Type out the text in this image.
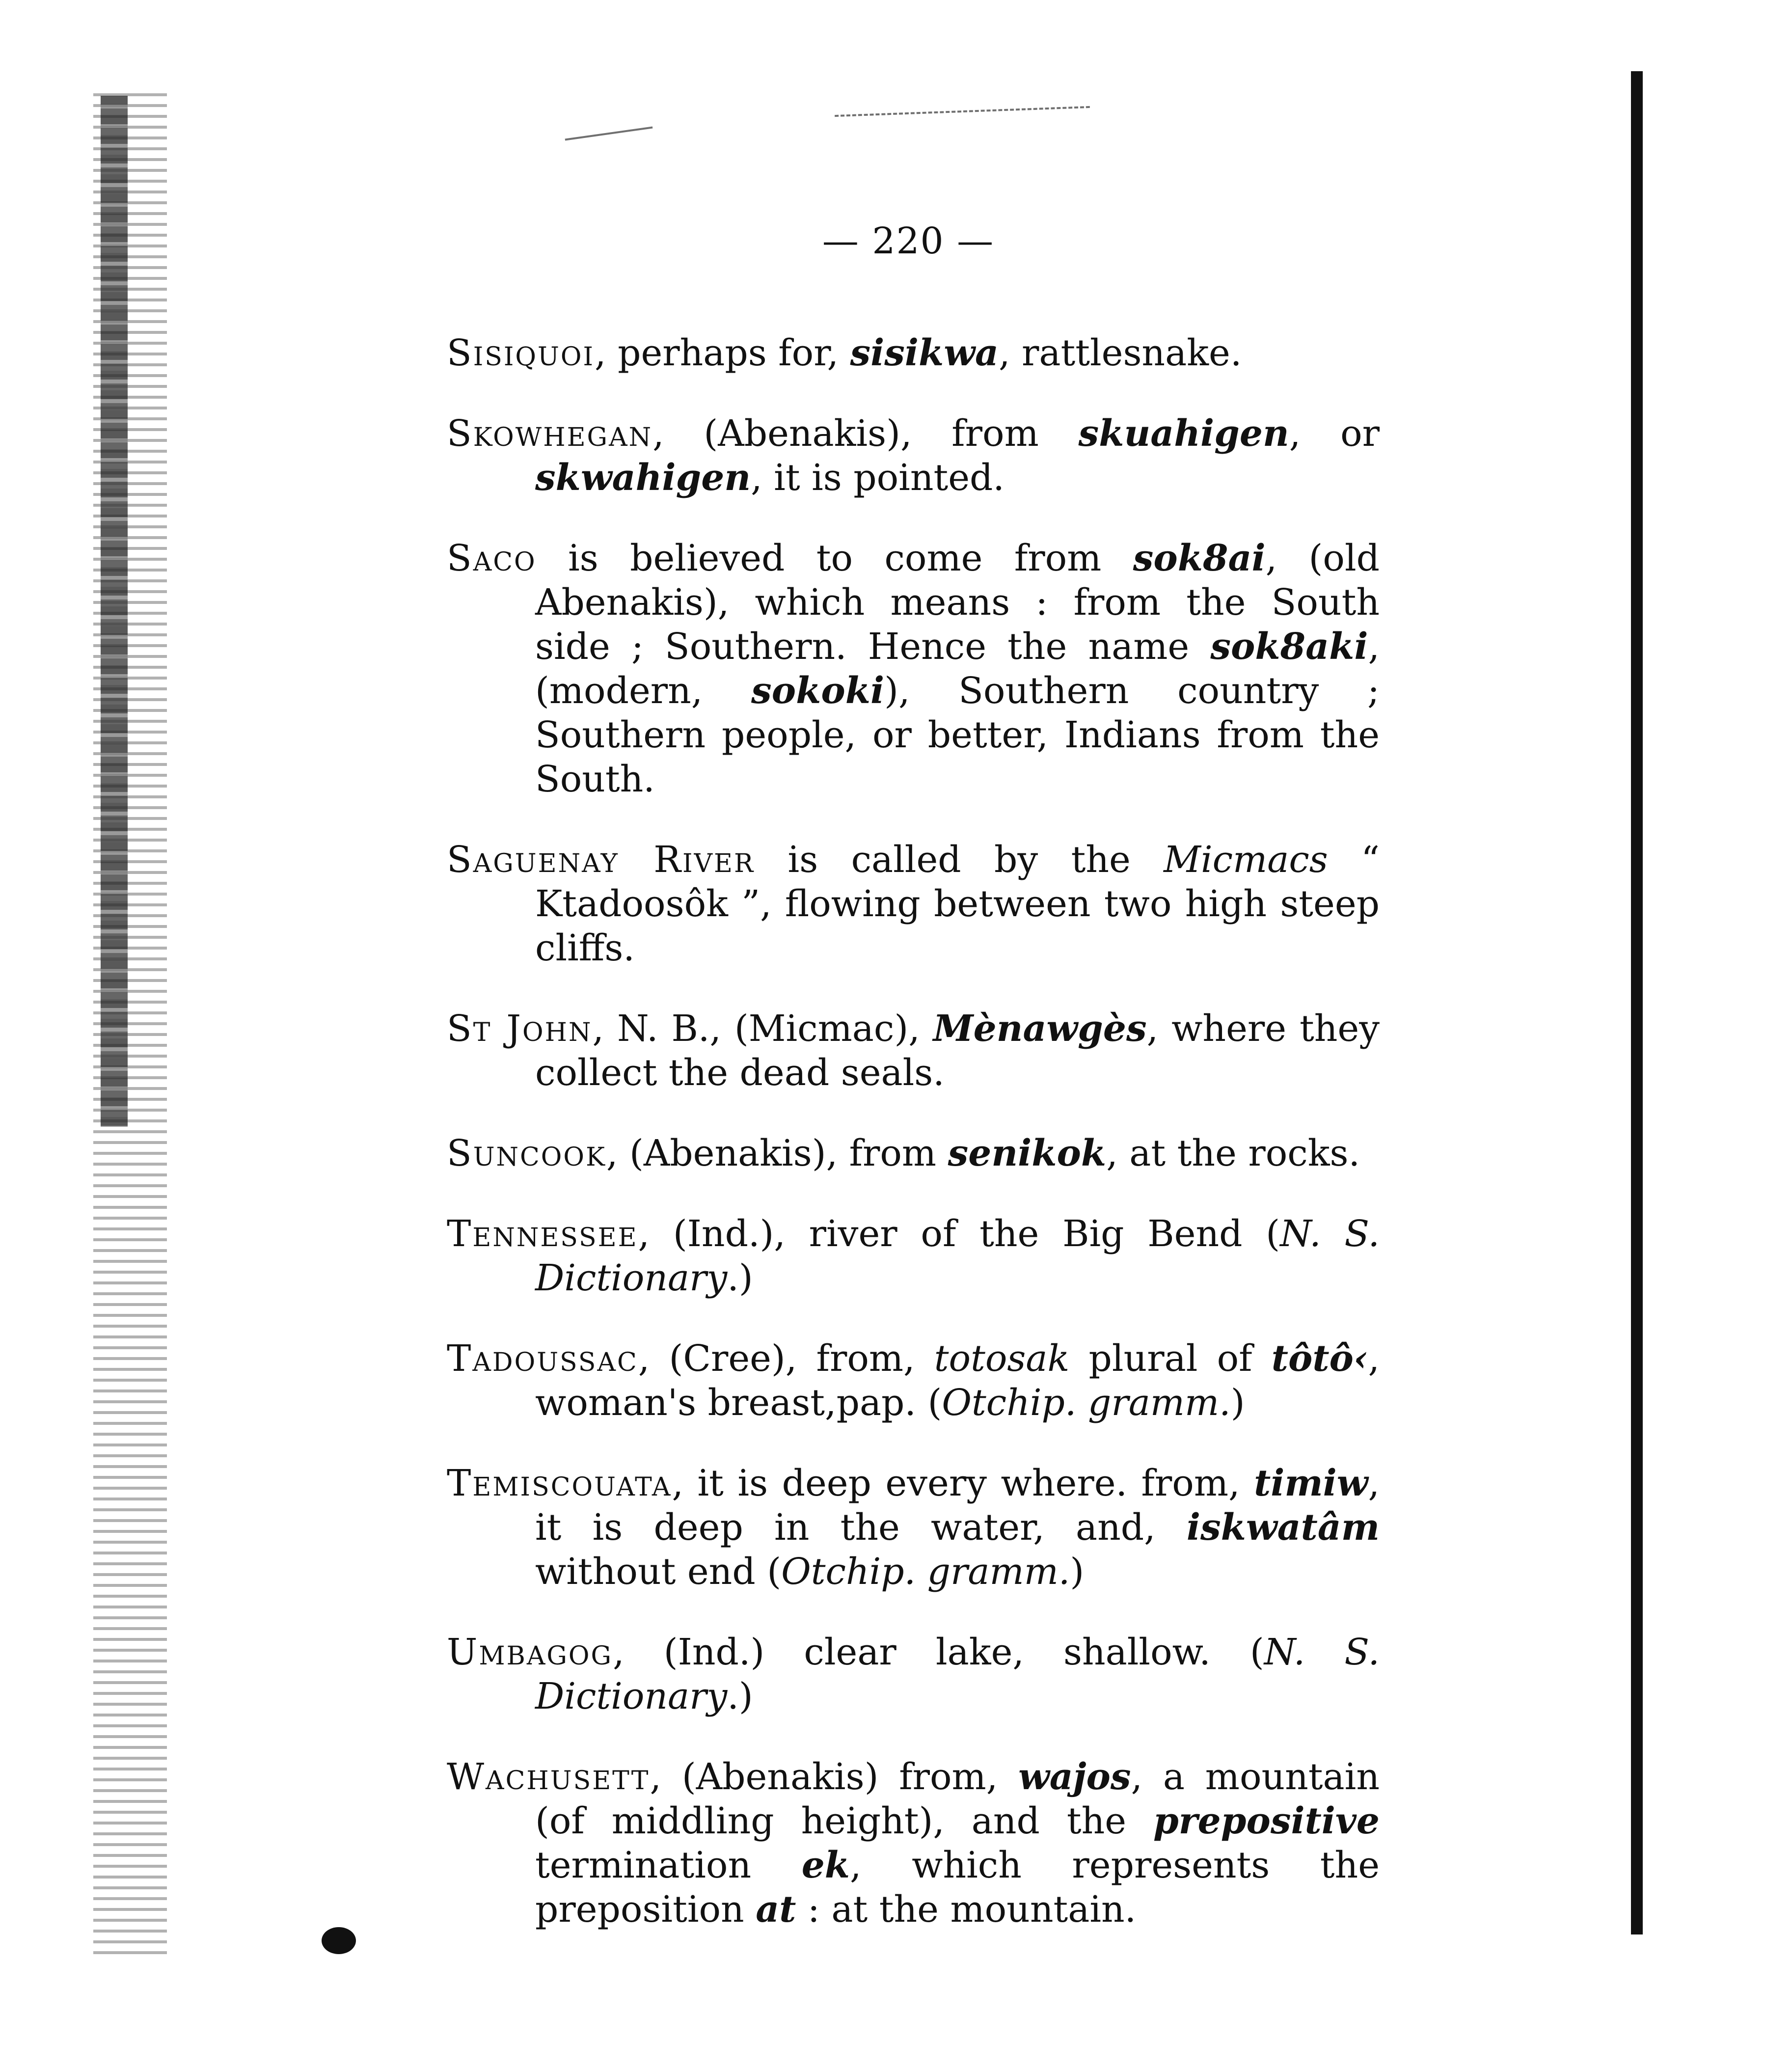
— 220 —

Sisiquoi, perhaps for, sisikwa, rattlesnake.

Skowhegan, (Abenakis), from skuahigen, or skwahigen, it is pointed.

Saco is believed to come from sok8ai, (old Abenakis), which means : from the South side ; Southern. Hence the name sok8aki, (modern, sokoki), Southern country ; Southern people, or better, Indians from the South.

Saguenay River is called by the Micmacs “ Ktadoosôk ”, flowing between two high steep cliffs.

St John, N. B., (Micmac), Mènawgès, where they collect the dead seals.

Suncook, (Abenakis), from senikok, at the rocks.

Tennessee, (Ind.), river of the Big Bend (N. S. Dictionary.)

Tadoussac, (Cree), from, totosak plural of tôtô‹, woman's breast,pap. (Otchip. gramm.)

Temiscouata, it is deep every where. from, timiw, it is deep in the water, and, iskwatâm without end (Otchip. gramm.)

Umbagog, (Ind.) clear lake, shallow. (N. S. Dictionary.)

Wachusett, (Abenakis) from, wajos, a mountain (of middling height), and the prepositive termination ek, which represents the preposition at : at the mountain.
